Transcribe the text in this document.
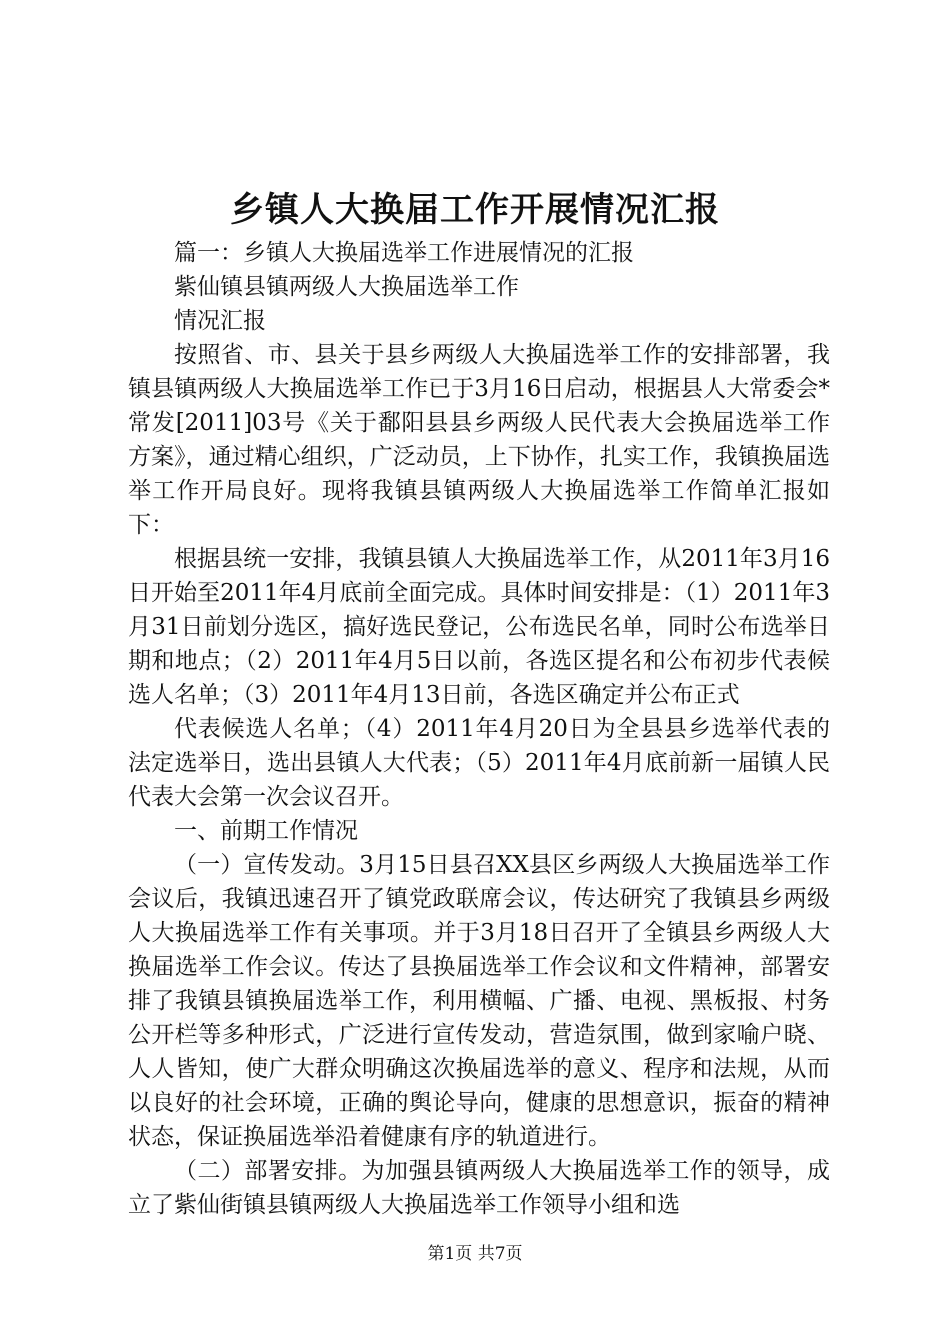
乡镇人大换届工作开展情况汇报

篇一：乡镇人大换届选举工作进展情况的汇报

紫仙镇县镇两级人大换届选举工作

情况汇报

按照省、市、县关于县乡两级人大换届选举工作的安排部署，我镇县镇两级人大换届选举工作已于3月16日启动，根据县人大常委会*常发[2011]03号《关于鄱阳县县乡两级人民代表大会换届选举工作方案》，通过精心组织，广泛动员，上下协作，扎实工作，我镇换届选举工作开局良好。现将我镇县镇两级人大换届选举工作简单汇报如下：

根据县统一安排，我镇县镇人大换届选举工作，从2011年3月16日开始至2011年4月底前全面完成。具体时间安排是：（1）2011年3月31日前划分选区，搞好选民登记，公布选民名单，同时公布选举日期和地点；（2）2011年4月5日以前，各选区提名和公布初步代表候选人名单；（3）2011年4月13日前，各选区确定并公布正式

代表候选人名单；（4）2011年4月20日为全县县乡选举代表的法定选举日，选出县镇人大代表；（5）2011年4月底前新一届镇人民代表大会第一次会议召开。

一、前期工作情况

（一）宣传发动。3月15日县召XX县区乡两级人大换届选举工作会议后，我镇迅速召开了镇党政联席会议，传达研究了我镇县乡两级人大换届选举工作有关事项。并于3月18日召开了全镇县乡两级人大换届选举工作会议。传达了县换届选举工作会议和文件精神，部署安排了我镇县镇换届选举工作，利用横幅、广播、电视、黑板报、村务公开栏等多种形式，广泛进行宣传发动，营造氛围，做到家喻户晓、人人皆知，使广大群众明确这次换届选举的意义、程序和法规，从而以良好的社会环境，正确的舆论导向，健康的思想意识，振奋的精神状态，保证换届选举沿着健康有序的轨道进行。

（二）部署安排。为加强县镇两级人大换届选举工作的领导，成立了紫仙街镇县镇两级人大换届选举工作领导小组和选

第1页 共7页
